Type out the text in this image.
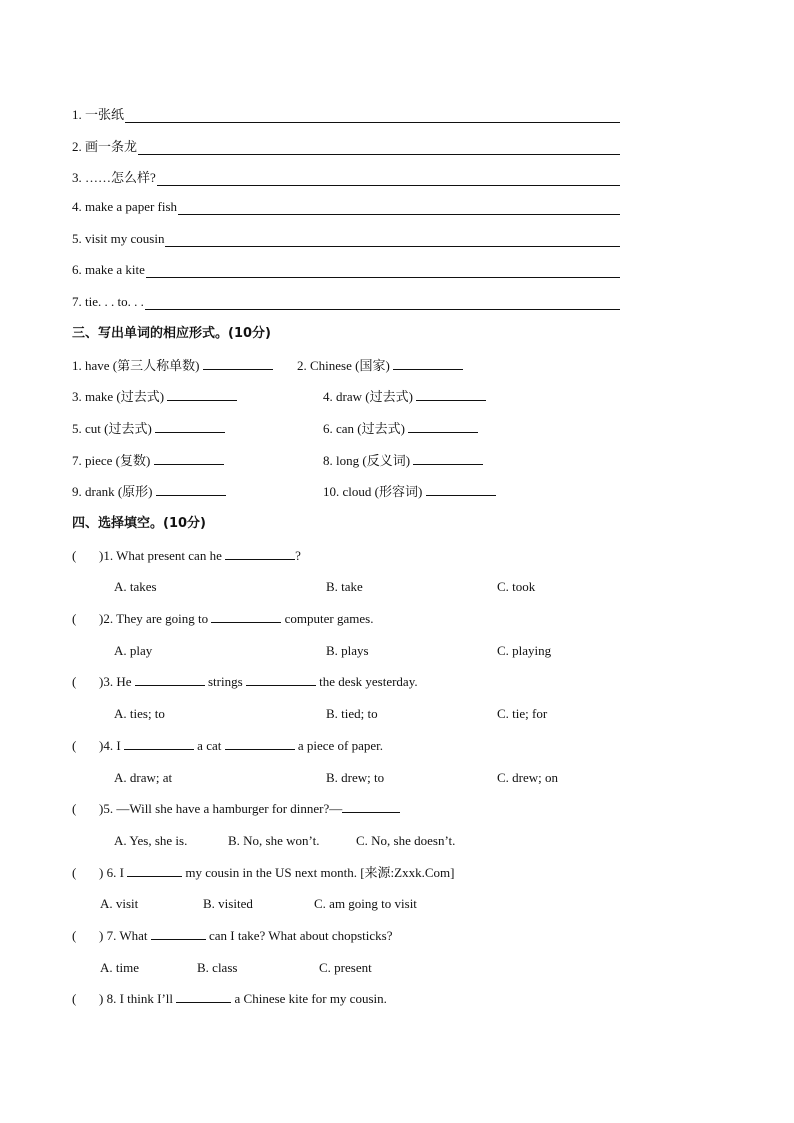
1. 一张纸
2. 画一条龙
3. ……怎么样?
4. make a paper fish
5. visit my cousin
6. make a kite
7. tie. . . to. . .
三、写出单词的相应形式。(10分)
1. have (第三人称单数)	2. Chinese (国家)
3. make (过去式)	4. draw (过去式)
5. cut (过去式)	6. can (过去式)
7. piece (复数)	8. long (反义词)
9. drank (原形)	10. cloud (形容词)
四、选择填空。(10分)
( )1. What present can he	?
A. takes	B. take	C. took
( )2. They are going to	computer games.
A. play	B. plays	C. playing
( )3. He	strings	the desk yesterday.
A. ties; to	B. tied; to	C. tie; for
( )4. I	a cat	a piece of paper.
A. draw; at	B. drew; to	C. drew; on
( )5. —Will she have a hamburger for dinner?—
A. Yes, she is.	B. No, she won’t.	C. No, she doesn’t.
( ) 6. I	my cousin in the US next month. [来源:Zxxk.Com]
A. visit	B. visited	C. am going to visit
( ) 7. What	can I take? What about chopsticks?
A. time	B. class	C. present
( ) 8. I think I’ll	a Chinese kite for my cousin.
